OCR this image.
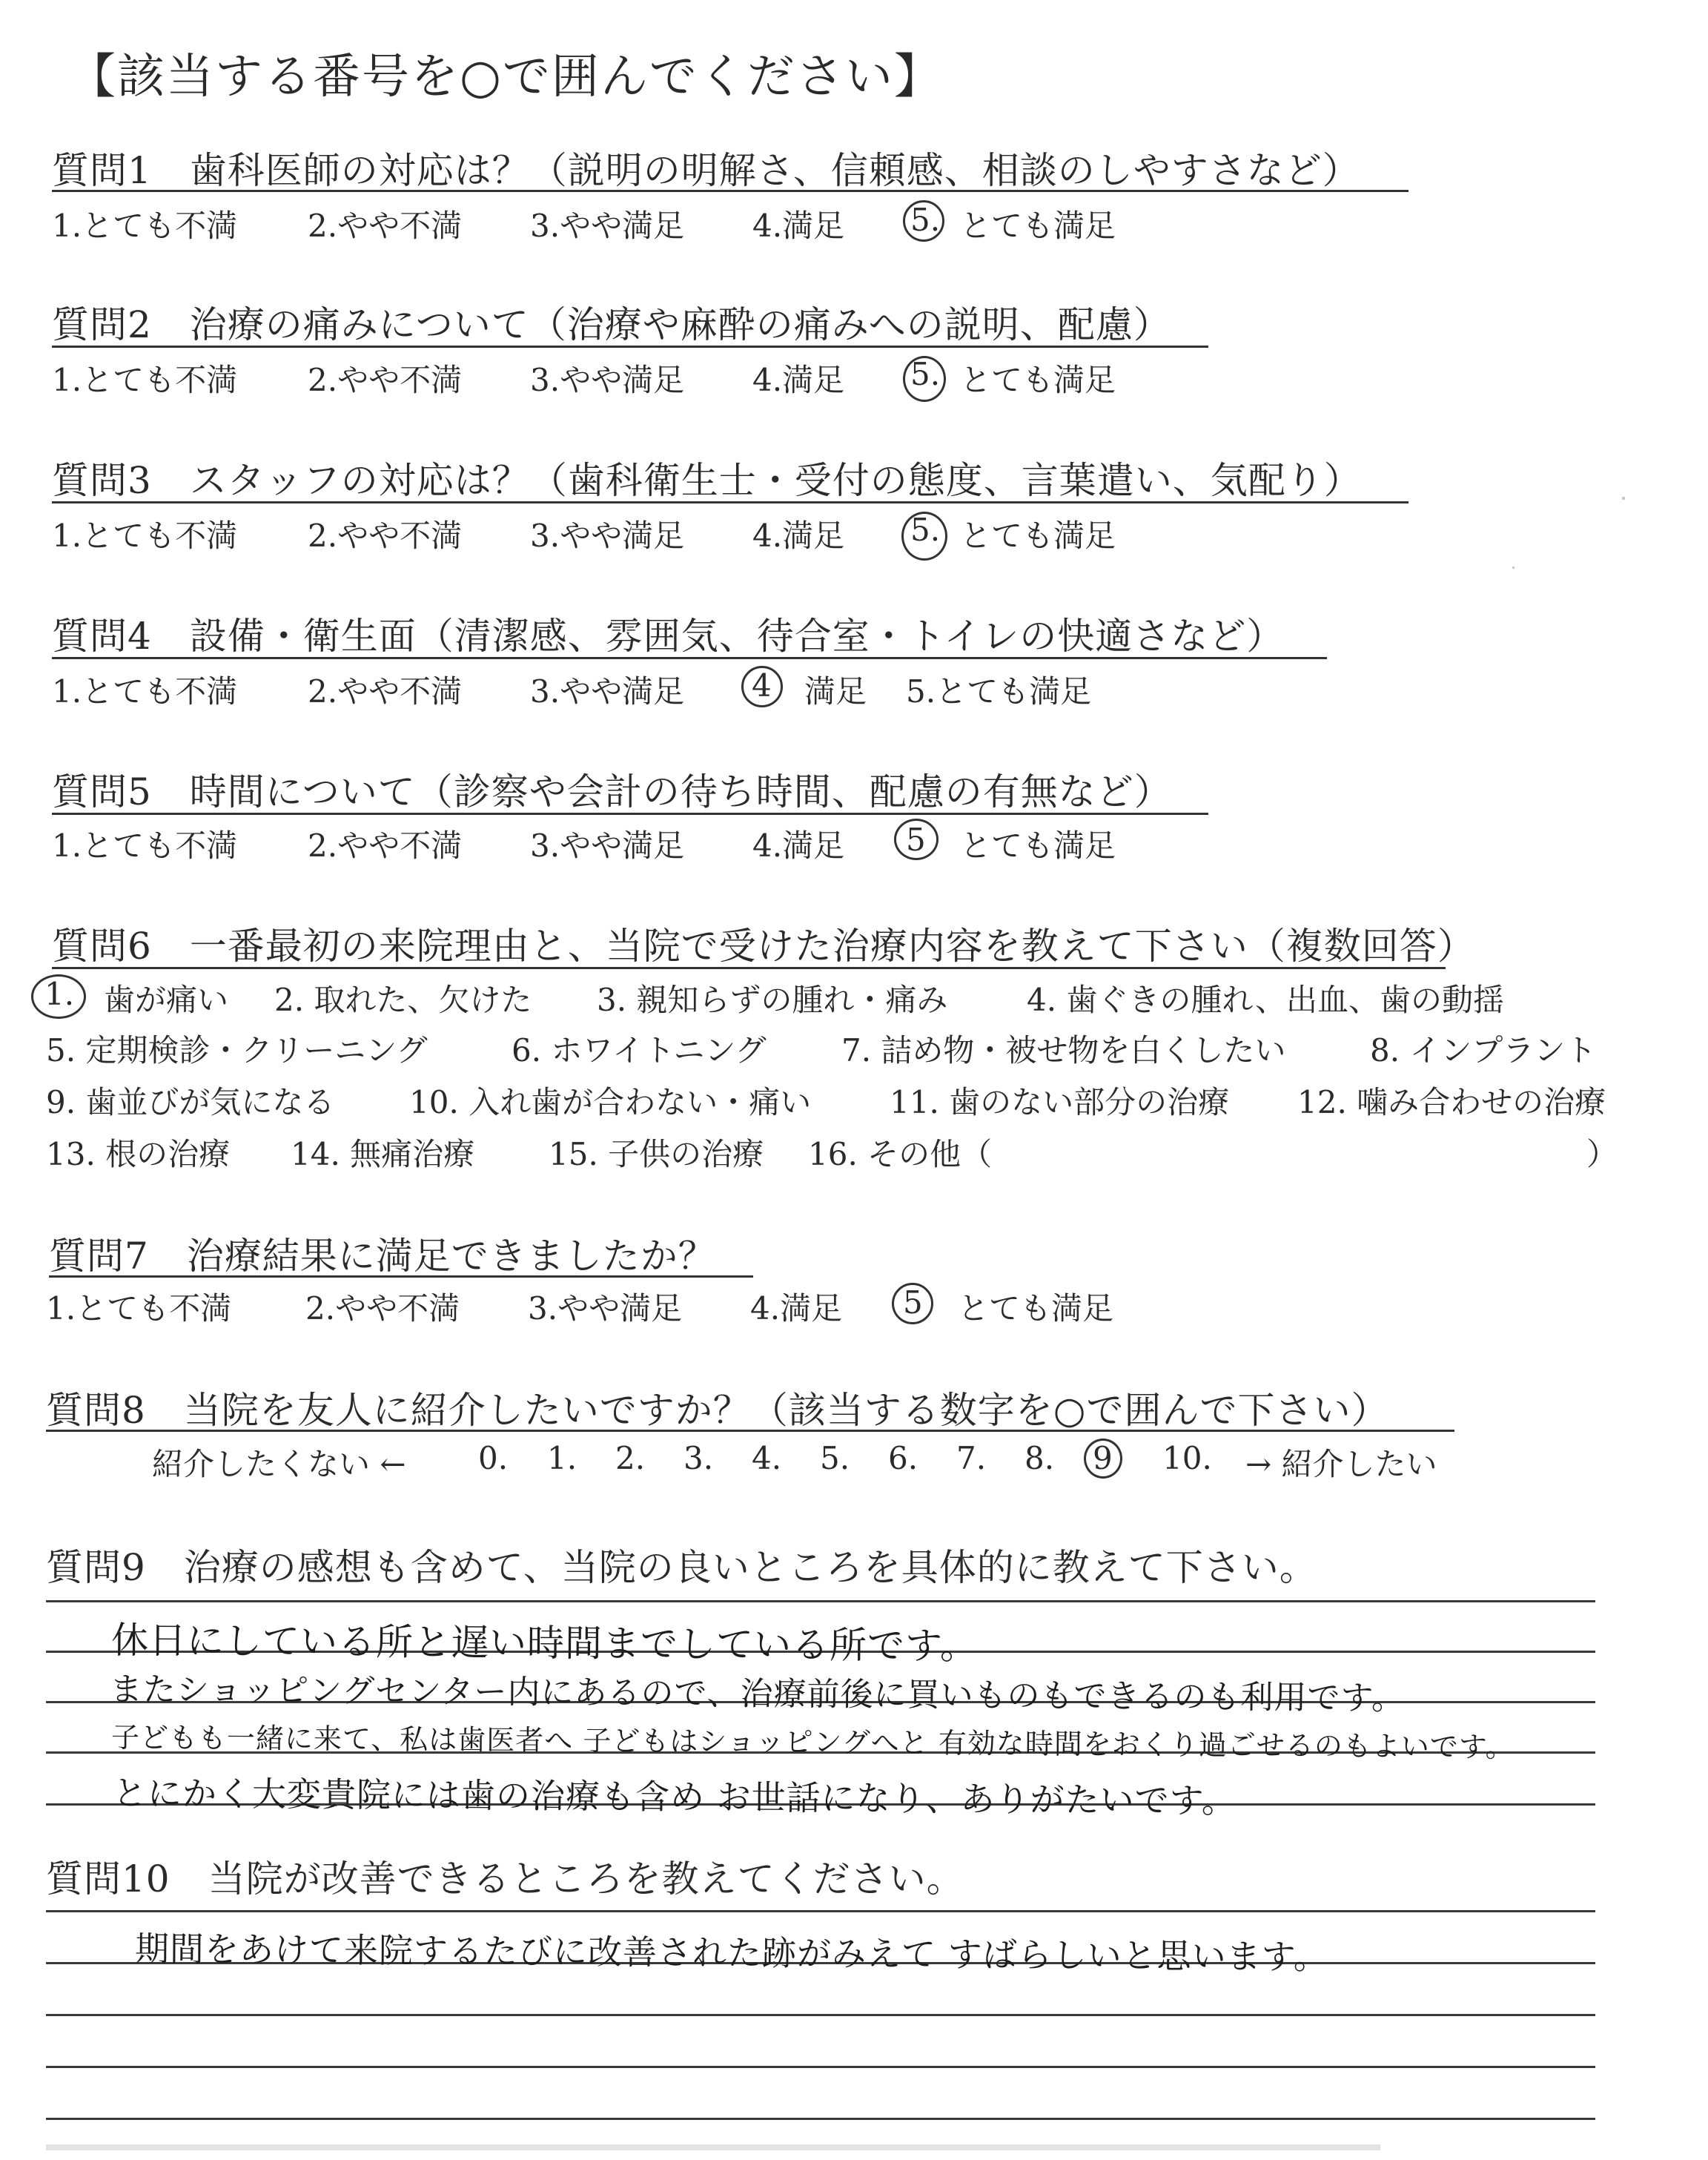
【該当する番号を○で囲んでください】
質問1　歯科医師の対応は？（説明の明解さ、信頼感、相談のしやすさなど）
1.とても不満 2.やや不満 3.やや満足 4.満足 5. とても満足
質問2　治療の痛みについて（治療や麻酔の痛みへの説明、配慮）
1.とても不満 2.やや不満 3.やや満足 4.満足 5. とても満足
質問3　スタッフの対応は？（歯科衛生士・受付の態度、言葉遣い、気配り）
1.とても不満 2.やや不満 3.やや満足 4.満足 5. とても満足
質問4　設備・衛生面（清潔感、雰囲気、待合室・トイレの快適さなど）
1.とても不満 2.やや不満 3.やや満足 4 満足 5.とても満足
質問5　時間について（診察や会計の待ち時間、配慮の有無など）
1.とても不満 2.やや不満 3.やや満足 4.満足 5 とても満足
質問6　一番最初の来院理由と、当院で受けた治療内容を教えて下さい（複数回答）
1. 歯が痛い 2. 取れた、欠けた 3. 親知らずの腫れ・痛み	4. 歯ぐきの腫れ、出血、歯の動揺
5. 定期検診・クリーニング	6. ホワイトニング 7. 詰め物・被せ物を白くしたい	8. インプラント
9. 歯並びが気になる 10. 入れ歯が合わない・痛い	11. 歯のない部分の治療 12. 噛み合わせの治療
13. 根の治療 14. 無痛治療 15. 子供の治療 16. その他（	）
質問7　治療結果に満足できましたか？
1.とても不満 2.やや不満 3.やや満足 4.満足 5 とても満足
質問8　当院を友人に紹介したいですか？（該当する数字を○で囲んで下さい）
紹介したくない ← 0. 1. 2. 3. 4. 5. 6. 7. 8. 9 10. → 紹介したい
質問9　治療の感想も含めて、当院の良いところを具体的に教えて下さい。
休日にしている所と遅い時間までしている所です。
またショッピングセンター内にあるので、治療前後に買いものもできるのも利用です。
子どもも一緒に来て、私は歯医者へ 子どもはショッピングへと 有効な時間をおくり過ごせるのもよいです。
とにかく大変貴院には歯の治療も含め お世話になり、ありがたいです。
質問10　当院が改善できるところを教えてください。
期間をあけて来院するたびに改善された跡がみえて すばらしいと思います。
